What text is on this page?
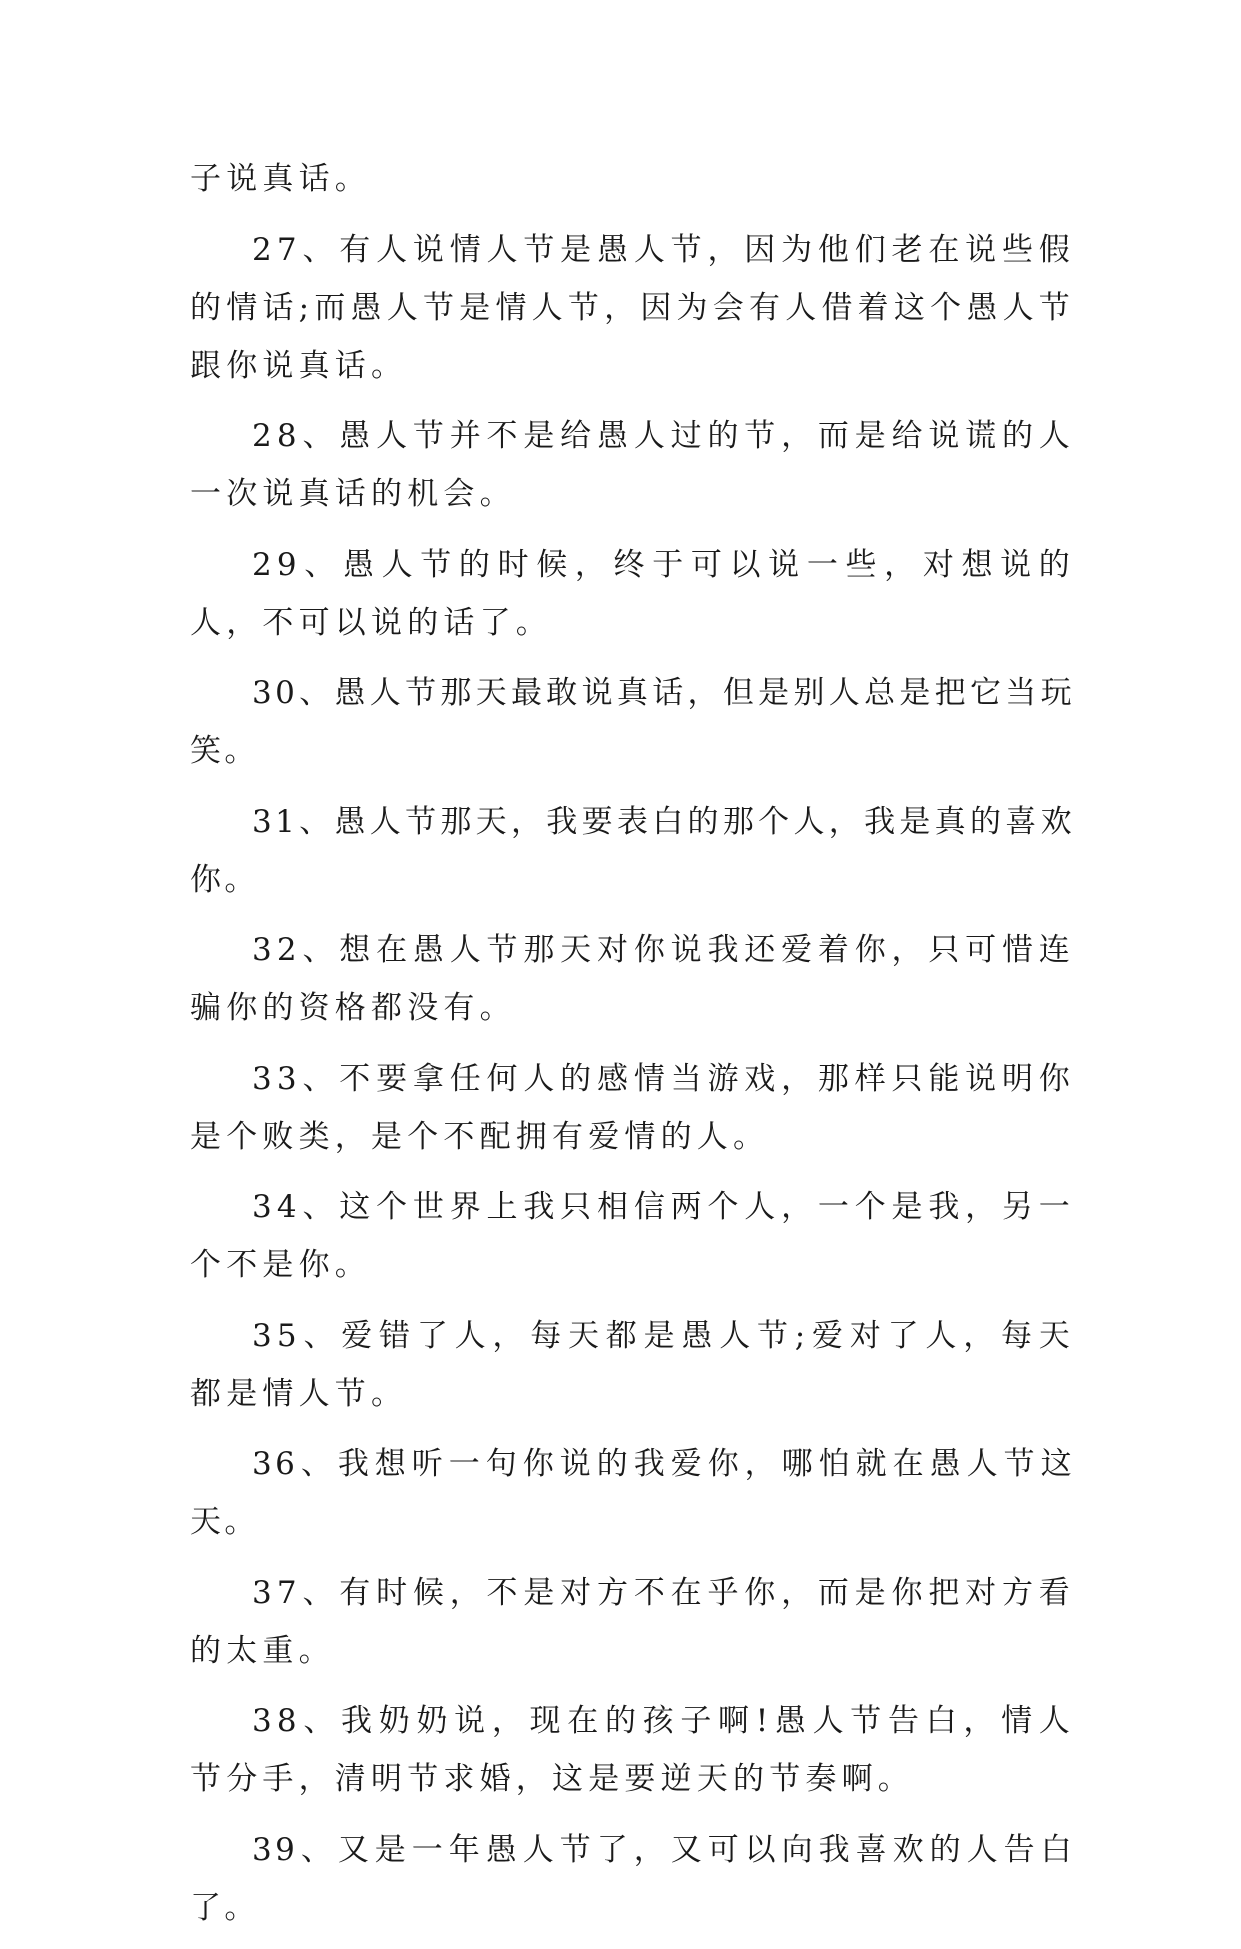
子说真话。

27、有人说情人节是愚人节，因为他们老在说些假的情话;而愚人节是情人节，因为会有人借着这个愚人节跟你说真话。

28、愚人节并不是给愚人过的节，而是给说谎的人一次说真话的机会。

29、愚人节的时候，终于可以说一些，对想说的人，不可以说的话了。

30、愚人节那天最敢说真话，但是别人总是把它当玩笑。

31、愚人节那天，我要表白的那个人，我是真的喜欢你。

32、想在愚人节那天对你说我还爱着你，只可惜连骗你的资格都没有。

33、不要拿任何人的感情当游戏，那样只能说明你是个败类，是个不配拥有爱情的人。

34、这个世界上我只相信两个人，一个是我，另一个不是你。

35、爱错了人，每天都是愚人节;爱对了人，每天都是情人节。

36、我想听一句你说的我爱你，哪怕就在愚人节这天。

37、有时候，不是对方不在乎你，而是你把对方看的太重。

38、我奶奶说，现在的孩子啊!愚人节告白，情人节分手，清明节求婚，这是要逆天的节奏啊。

39、又是一年愚人节了，又可以向我喜欢的人告白了。
